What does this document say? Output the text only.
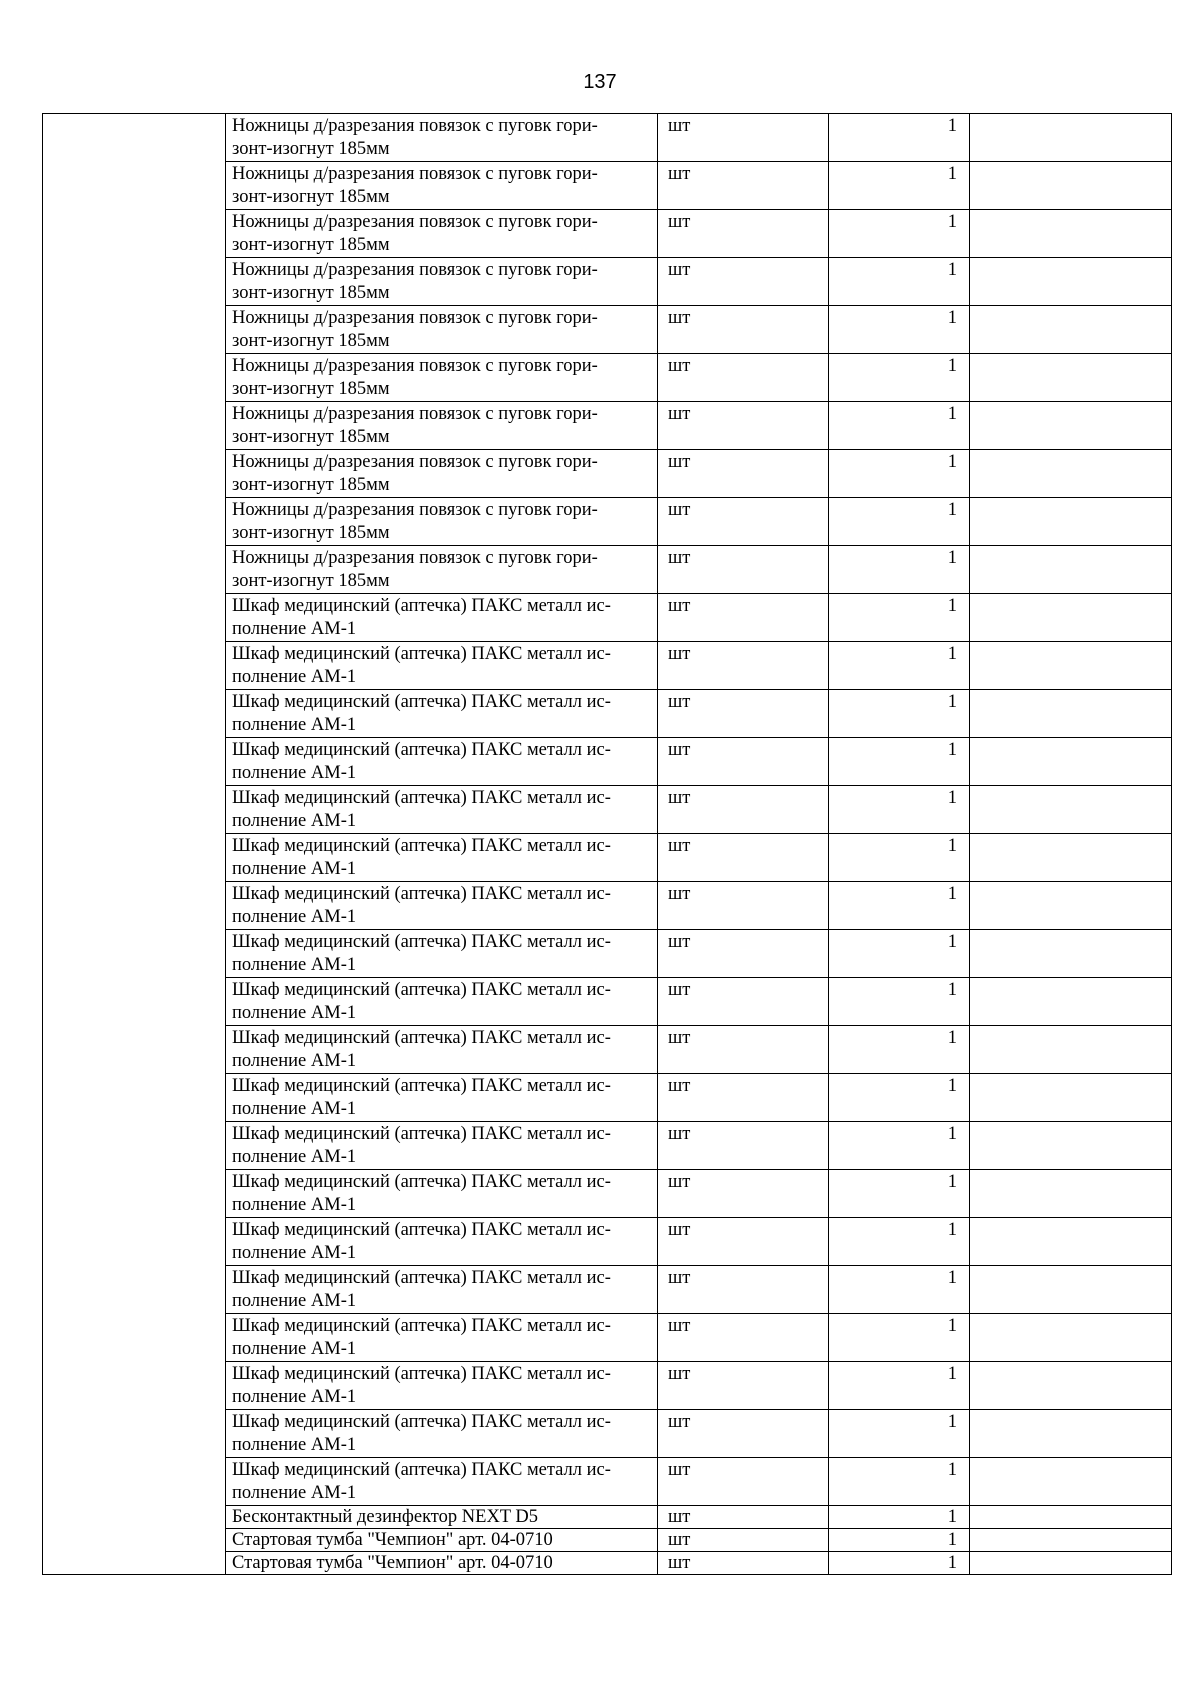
137
	Ножницы д/разрезания повязок с пуговк гори-
зонт-изогнут 185мм	шт	1	
	Ножницы д/разрезания повязок с пуговк гори-
зонт-изогнут 185мм	шт	1	
	Ножницы д/разрезания повязок с пуговк гори-
зонт-изогнут 185мм	шт	1	
	Ножницы д/разрезания повязок с пуговк гори-
зонт-изогнут 185мм	шт	1	
	Ножницы д/разрезания повязок с пуговк гори-
зонт-изогнут 185мм	шт	1	
	Ножницы д/разрезания повязок с пуговк гори-
зонт-изогнут 185мм	шт	1	
	Ножницы д/разрезания повязок с пуговк гори-
зонт-изогнут 185мм	шт	1	
	Ножницы д/разрезания повязок с пуговк гори-
зонт-изогнут 185мм	шт	1	
	Ножницы д/разрезания повязок с пуговк гори-
зонт-изогнут 185мм	шт	1	
	Ножницы д/разрезания повязок с пуговк гори-
зонт-изогнут 185мм	шт	1	
	Шкаф медицинский (аптечка) ПАКС металл ис-
полнение АМ-1	шт	1	
	Шкаф медицинский (аптечка) ПАКС металл ис-
полнение АМ-1	шт	1	
	Шкаф медицинский (аптечка) ПАКС металл ис-
полнение АМ-1	шт	1	
	Шкаф медицинский (аптечка) ПАКС металл ис-
полнение АМ-1	шт	1	
	Шкаф медицинский (аптечка) ПАКС металл ис-
полнение АМ-1	шт	1	
	Шкаф медицинский (аптечка) ПАКС металл ис-
полнение АМ-1	шт	1	
	Шкаф медицинский (аптечка) ПАКС металл ис-
полнение АМ-1	шт	1	
	Шкаф медицинский (аптечка) ПАКС металл ис-
полнение АМ-1	шт	1	
	Шкаф медицинский (аптечка) ПАКС металл ис-
полнение АМ-1	шт	1	
	Шкаф медицинский (аптечка) ПАКС металл ис-
полнение АМ-1	шт	1	
	Шкаф медицинский (аптечка) ПАКС металл ис-
полнение АМ-1	шт	1	
	Шкаф медицинский (аптечка) ПАКС металл ис-
полнение АМ-1	шт	1	
	Шкаф медицинский (аптечка) ПАКС металл ис-
полнение АМ-1	шт	1	
	Шкаф медицинский (аптечка) ПАКС металл ис-
полнение АМ-1	шт	1	
	Шкаф медицинский (аптечка) ПАКС металл ис-
полнение АМ-1	шт	1	
	Шкаф медицинский (аптечка) ПАКС металл ис-
полнение АМ-1	шт	1	
	Шкаф медицинский (аптечка) ПАКС металл ис-
полнение АМ-1	шт	1	
	Шкаф медицинский (аптечка) ПАКС металл ис-
полнение АМ-1	шт	1	
	Шкаф медицинский (аптечка) ПАКС металл ис-
полнение АМ-1	шт	1	
	Бесконтактный дезинфектор NEXT D5	шт	1	
	Стартовая тумба "Чемпион" арт. 04-0710	шт	1	
	Стартовая тумба "Чемпион" арт. 04-0710	шт	1	
